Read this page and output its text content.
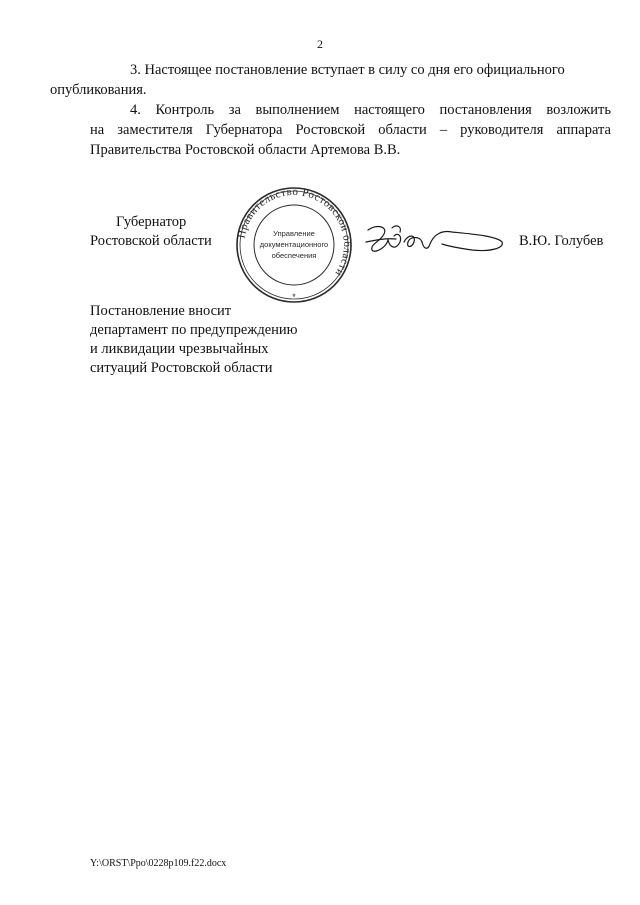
2

3. Настоящее постановление вступает в силу со дня его официального
опубликования.

4. Контроль за выполнением настоящего постановления возложить
на заместителя Губернатора Ростовской области – руководителя аппарата
Правительства Ростовской области Артемова В.В.

Губернатор
Ростовской области Правительство Ростовской области
Управление
документационного
обеспечения
*
В.Ю. Голубев
Постановление вносит
департамент по предупреждению
и ликвидации чрезвычайных
ситуаций Ростовской области
Y:\ORST\Ppo\0228p109.f22.docx
